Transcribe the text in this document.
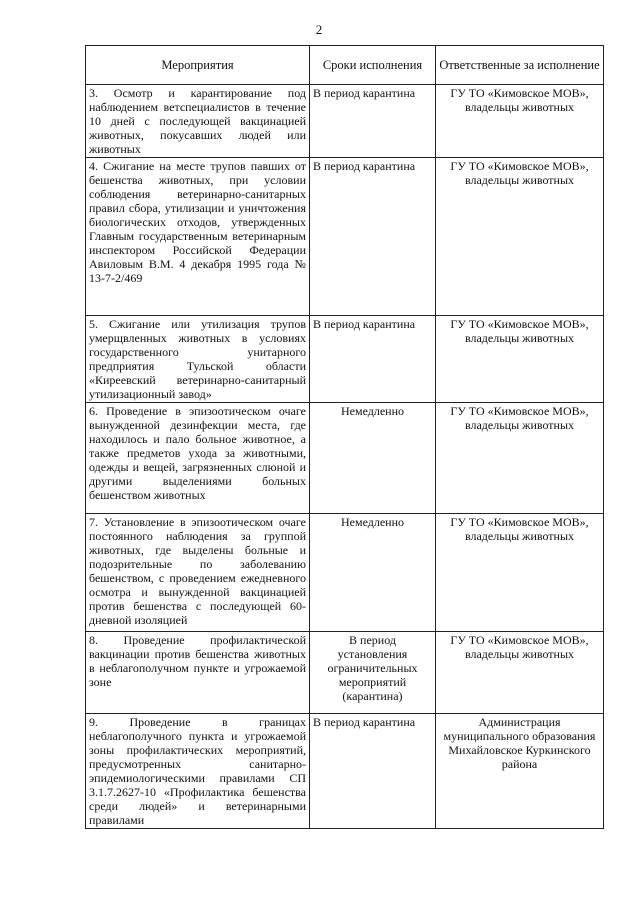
2
Мероприятия	Сроки исполнения	Ответственные за исполнение
3. Осмотр и карантирование под наблюдением ветспециалистов в течение 10 дней с последующей вакцинацией животных, покусавших людей или животных	В период карантина	ГУ ТО «Кимовское МОВ», владельцы животных
4. Сжигание на месте трупов павших от бешенства животных, при условии соблюдения ветеринарно-санитарных правил сбора, утилизации и уничтожения биологических отходов, утвержденных Главным государственным ветеринарным инспектором Российской Федерации Авиловым В.М. 4 декабря 1995 года № 13-7-2/469	В период карантина	ГУ ТО «Кимовское МОВ», владельцы животных
5. Сжигание или утилизация трупов умерщвленных животных в условиях государственного унитарного предприятия Тульской области «Киреевский ветеринарно-санитарный утилизационный завод»	В период карантина	ГУ ТО «Кимовское МОВ», владельцы животных
6. Проведение в эпизоотическом очаге вынужденной дезинфекции места, где находилось и пало больное животное, а также предметов ухода за животными, одежды и вещей, загрязненных слюной и другими выделениями больных бешенством животных	Немедленно	ГУ ТО «Кимовское МОВ», владельцы животных
7. Установление в эпизоотическом очаге постоянного наблюдения за группой животных, где выделены больные и подозрительные по заболеванию бешенством, с проведением ежедневного осмотра и вынужденной вакцинацией против бешенства с последующей 60-дневной изоляцией	Немедленно	ГУ ТО «Кимовское МОВ», владельцы животных
8. Проведение профилактической вакцинации против бешенства животных в неблагополучном пункте и угрожаемой зоне	В период установления ограничительных мероприятий (карантина)	ГУ ТО «Кимовское МОВ», владельцы животных
9. Проведение в границах неблагополучного пункта и угрожаемой зоны профилактических мероприятий, предусмотренных санитарно-эпидемиологическими правилами СП 3.1.7.2627-10 «Профилактика бешенства среди людей» и ветеринарными правилами	В период карантина	Администрация муниципального образования Михайловское Куркинского района
